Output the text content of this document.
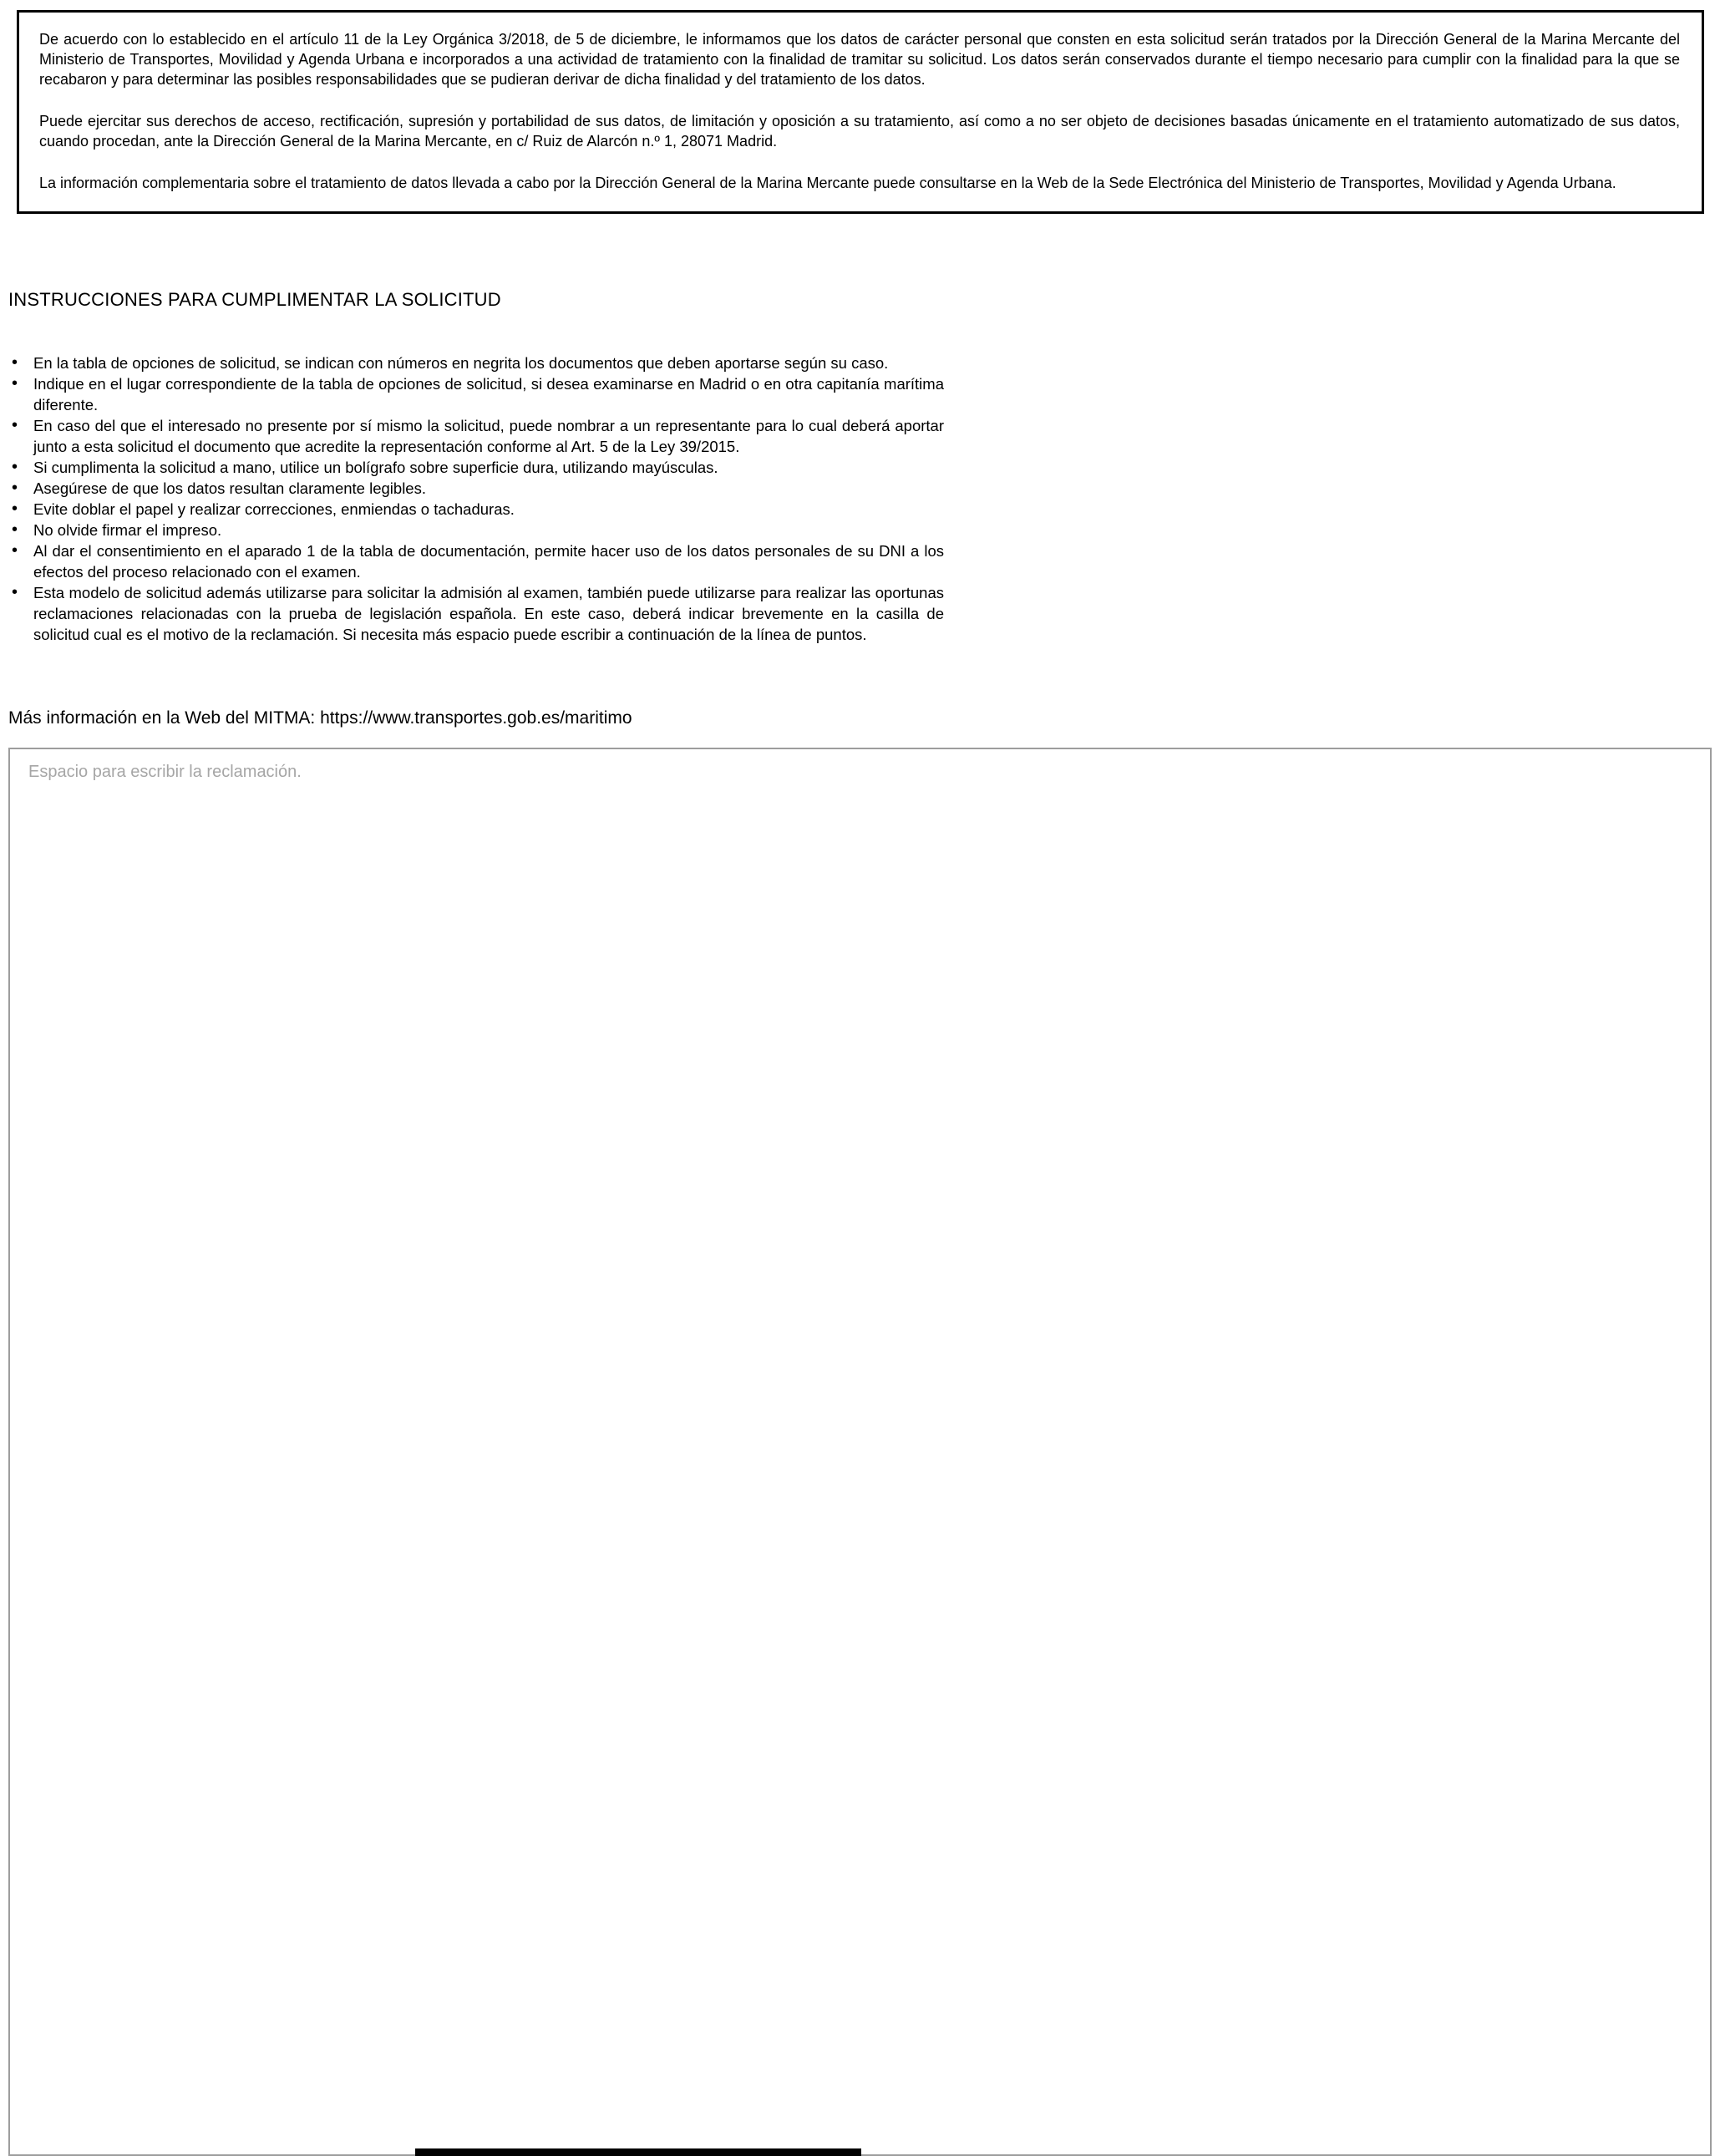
De acuerdo con lo establecido en el artículo 11 de la Ley Orgánica 3/2018, de 5 de diciembre, le informamos que los datos de carácter personal que consten en esta solicitud serán tratados por la Dirección General de la Marina Mercante del Ministerio de Transportes, Movilidad y Agenda Urbana e incorporados a una actividad de tratamiento con la finalidad de tramitar su solicitud. Los datos serán conservados durante el tiempo necesario para cumplir con la finalidad para la que se recabaron y para determinar las posibles responsabilidades que se pudieran derivar de dicha finalidad y del tratamiento de los datos.

Puede ejercitar sus derechos de acceso, rectificación, supresión y portabilidad de sus datos, de limitación y oposición a su tratamiento, así como a no ser objeto de decisiones basadas únicamente en el tratamiento automatizado de sus datos, cuando procedan, ante la Dirección General de la Marina Mercante, en c/ Ruiz de Alarcón n.º 1, 28071 Madrid.

La información complementaria sobre el tratamiento de datos llevada a cabo por la Dirección General de la Marina Mercante puede consultarse en la Web de la Sede Electrónica del Ministerio de Transportes, Movilidad y Agenda Urbana.

INSTRUCCIONES PARA CUMPLIMENTAR LA SOLICITUD
• En la tabla de opciones de solicitud, se indican con números en negrita los documentos que deben aportarse según su caso.
• Indique en el lugar correspondiente de la tabla de opciones de solicitud, si desea examinarse en Madrid o en otra capitanía marítima diferente.
• En caso del que el interesado no presente por sí mismo la solicitud, puede nombrar a un representante para lo cual deberá aportar junto a esta solicitud el documento que acredite la representación conforme al Art. 5 de la Ley 39/2015.
• Si cumplimenta la solicitud a mano, utilice un bolígrafo sobre superficie dura, utilizando mayúsculas.
• Asegúrese de que los datos resultan claramente legibles.
• Evite doblar el papel y realizar correcciones, enmiendas o tachaduras.
• No olvide firmar el impreso.
• Al dar el consentimiento en el aparado 1 de la tabla de documentación, permite hacer uso de los datos personales de su DNI a los efectos del proceso relacionado con el examen.
• Esta modelo de solicitud además utilizarse para solicitar la admisión al examen, también puede utilizarse para realizar las oportunas reclamaciones relacionadas con la prueba de legislación española. En este caso, deberá indicar brevemente en la casilla de solicitud cual es el motivo de la reclamación. Si necesita más espacio puede escribir a continuación de la línea de puntos.

Más información en la Web del MITMA: https://www.transportes.gob.es/maritimo

Espacio para escribir la reclamación.
